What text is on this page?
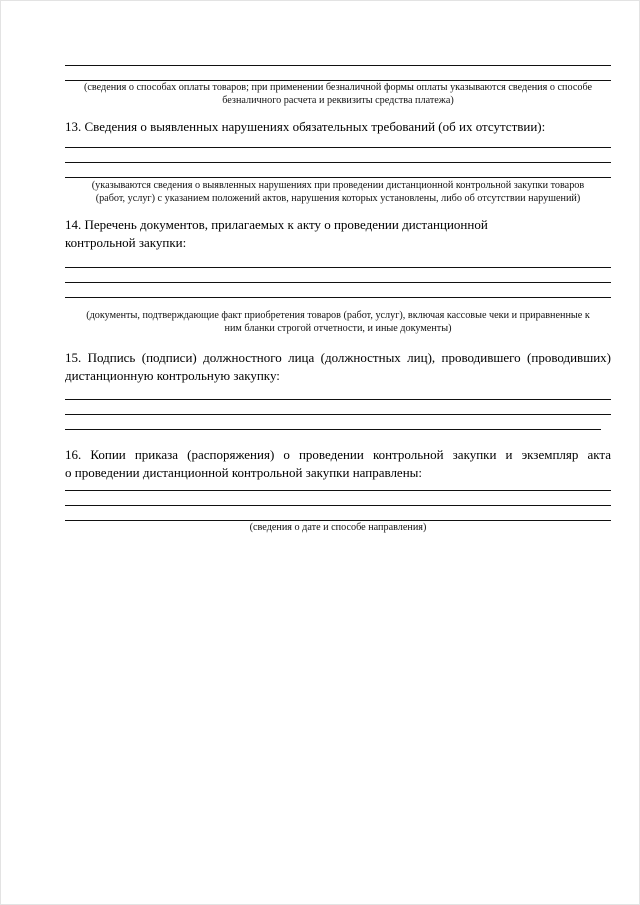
(сведения о способах оплаты товаров; при применении безналичной формы оплаты указываются сведения о способе
безналичного расчета и реквизиты средства платежа)
13. Сведения о выявленных нарушениях обязательных требований (об их отсутствии):
(указываются сведения о выявленных нарушениях при проведении дистанционной контрольной закупки товаров
(работ, услуг) с указанием положений актов, нарушения которых установлены, либо об отсутствии нарушений)
14. Перечень документов, прилагаемых к акту о проведении дистанционной
контрольной закупки:
(документы, подтверждающие факт приобретения товаров (работ, услуг), включая кассовые чеки и приравненные к
ним бланки строгой отчетности, и иные документы)
15. Подпись (подписи) должностного лица (должностных лиц), проводившего (проводивших)
дистанционную контрольную закупку:
16. Копии приказа (распоряжения) о проведении контрольной закупки и экземпляр акта
о проведении дистанционной контрольной закупки направлены:
(сведения о дате и способе направления)
